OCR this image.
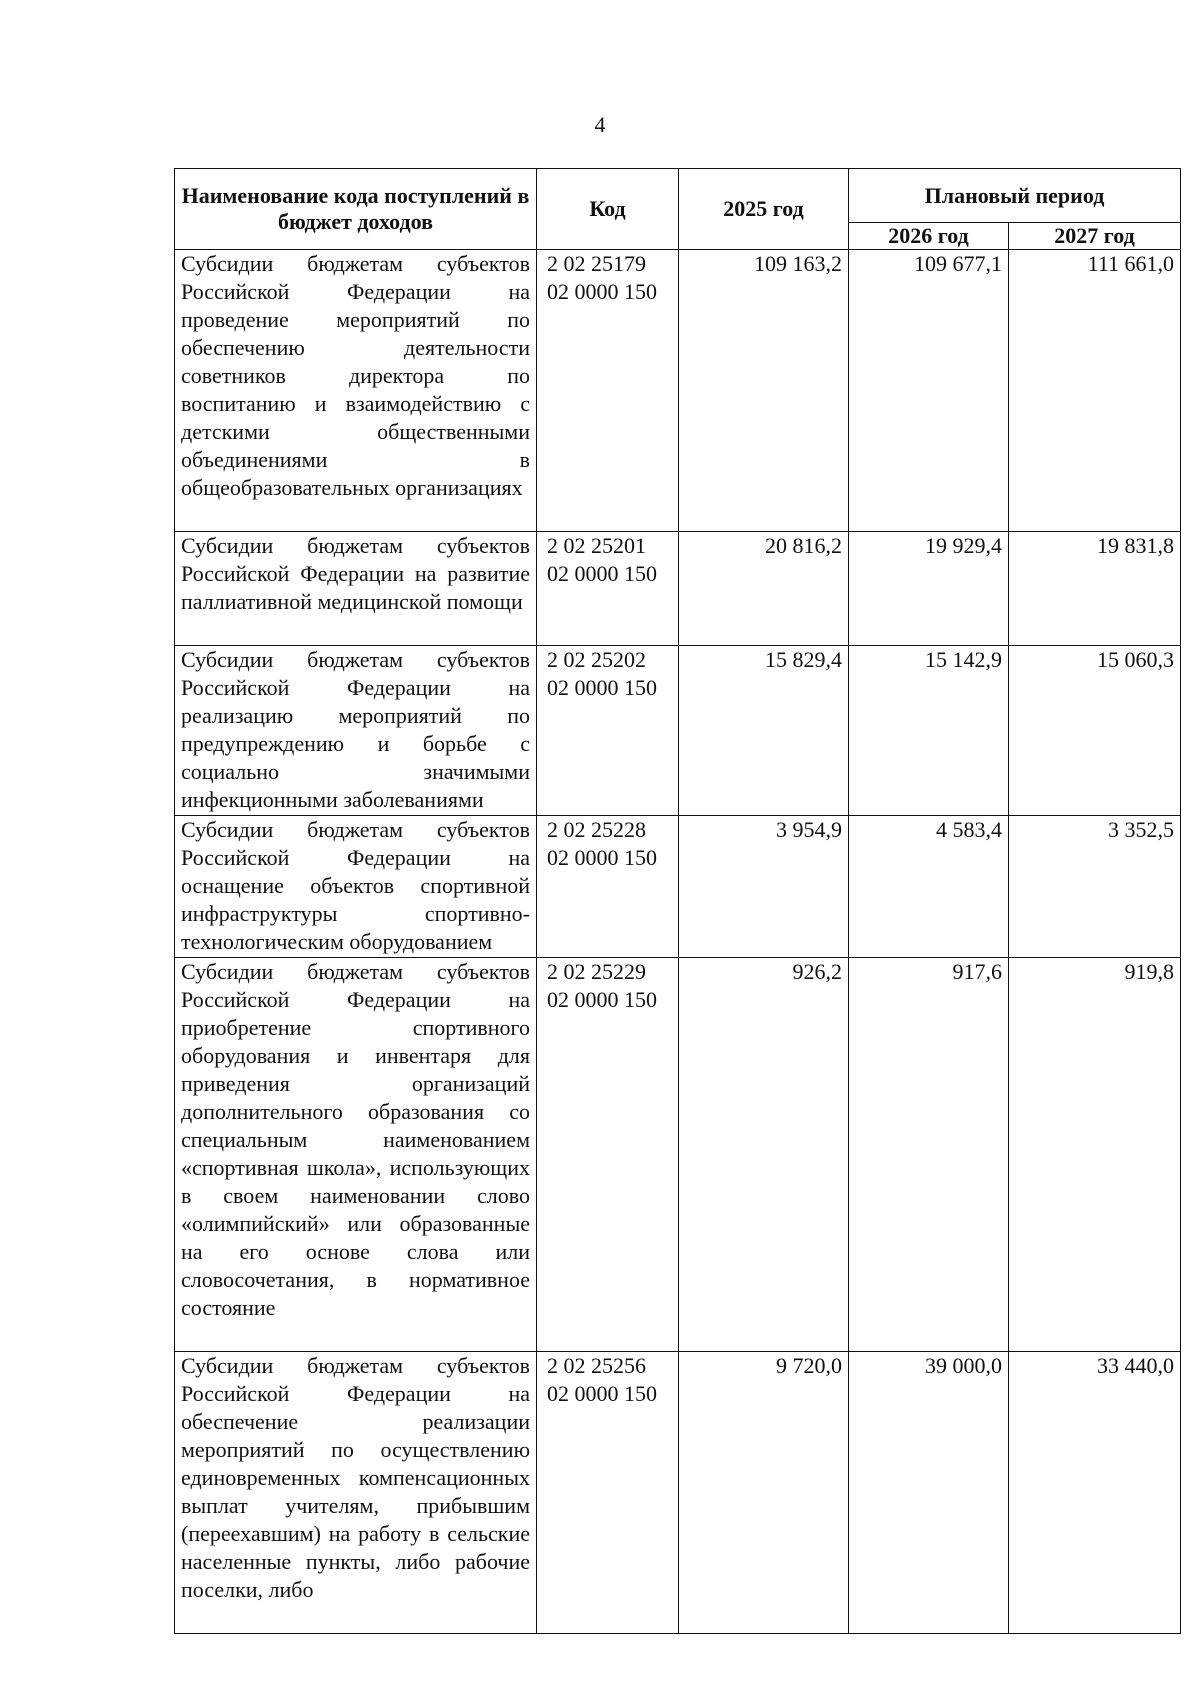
4
Наименование кода поступлений в бюджет доходов	Код	2025 год	Плановый период	
			2026 год	2027 год
Субсидии бюджетам субъектов Российской Федерации на проведение мероприятий по обеспечению деятельности советников директора по воспитанию и взаимодействию с детскими общественными объединениями в общеобразовательных организациях	2 02 25179 02 0000 150	109 163,2	109 677,1	111 661,0
Субсидии бюджетам субъектов Российской Федерации на развитие паллиативной медицинской помощи	2 02 25201 02 0000 150	20 816,2	19 929,4	19 831,8
Субсидии бюджетам субъектов Российской Федерации на реализацию мероприятий по предупреждению и борьбе с социально значимыми инфекционными заболеваниями	2 02 25202 02 0000 150	15 829,4	15 142,9	15 060,3
Субсидии бюджетам субъектов Российской Федерации на оснащение объектов спортивной инфраструктуры спортивно-технологическим оборудованием	2 02 25228 02 0000 150	3 954,9	4 583,4	3 352,5
Субсидии бюджетам субъектов Российской Федерации на приобретение спортивного оборудования и инвентаря для приведения организаций дополнительного образования со специальным наименованием «спортивная школа», использующих в своем наименовании слово «олимпийский» или образованные на его основе слова или словосочетания, в нормативное состояние	2 02 25229 02 0000 150	926,2	917,6	919,8
Субсидии бюджетам субъектов Российской Федерации на обеспечение реализации мероприятий по осуществлению единовременных компенсационных выплат учителям, прибывшим (переехавшим) на работу в сельские населенные пункты, либо рабочие поселки, либо	2 02 25256 02 0000 150	9 720,0	39 000,0	33 440,0
